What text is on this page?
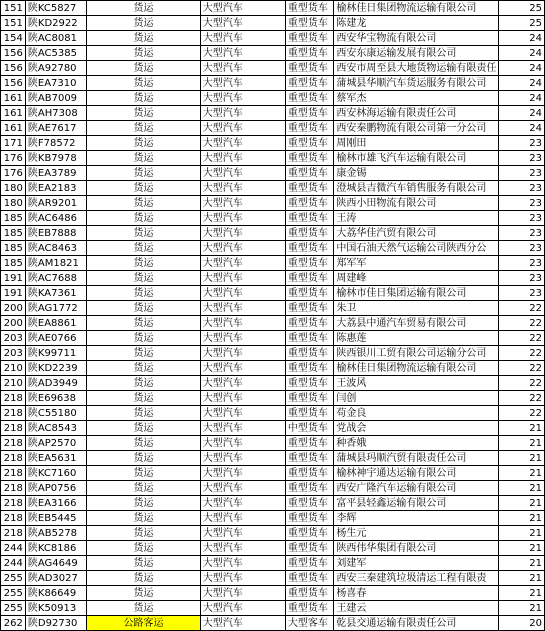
151	陕KC5827	货运	大型汽车	重型货车	榆林佳日集团物流运输有限公司	25
151	陕KD2922	货运	大型汽车	重型货车	陈建龙	25
154	陕AC8081	货运	大型汽车	重型货车	西安华宝物流有限公司	24
156	陕AC5385	货运	大型汽车	重型货车	西安东康运输发展有限公司	24
156	陕A92780	货运	大型汽车	重型货车	西安市周至县大地货物运输有限责任	24
156	陕EA7310	货运	大型汽车	重型货车	蒲城县华顺汽车货运服务有限公司	24
161	陕AB7009	货运	大型汽车	重型货车	蔡军杰	24
161	陕AH7308	货运	大型汽车	重型货车	西安林海运输有限责任公司	24
161	陕AE7617	货运	大型汽车	重型货车	西安秦鹏物流有限公司第一分公司	24
171	陕F78572	货运	大型汽车	重型货车	周刚田	23
176	陕KB7978	货运	大型汽车	重型货车	榆林市雄飞汽车运输有限公司	23
176	陕EA3789	货运	大型汽车	重型货车	康金锡	23
180	陕EA2183	货运	大型汽车	重型货车	澄城县吉微汽车销售服务有限公司	23
180	陕AR9201	货运	大型汽车	重型货车	陕西小田物流有限公司	23
185	陕AC6486	货运	大型汽车	重型货车	王涛	23
185	陕EB7888	货运	大型汽车	重型货车	大荔华佳汽贸有限公司	23
185	陕AC8463	货运	大型汽车	重型货车	中国石油天然气运输公司陕西分公	23
185	陕AM1821	货运	大型汽车	重型货车	郑军军	23
191	陕AC7688	货运	大型汽车	重型货车	周建峰	23
191	陕KA7361	货运	大型汽车	重型货车	榆林市佳日集团运输有限公司	23
200	陕AG1772	货运	大型汽车	重型货车	朱卫	22
200	陕EA8861	货运	大型汽车	重型货车	大荔县中通汽车贸易有限公司	22
203	陕AE0766	货运	大型汽车	重型货车	陈惠莲	22
203	陕K99711	货运	大型汽车	重型货车	陕西银川工贸有限公司运输分公司	22
210	陕KD2239	货运	大型汽车	重型货车	榆林佳日集团物流运输有限公司	22
210	陕AD3949	货运	大型汽车	重型货车	王波风	22
218	陕E69638	货运	大型汽车	重型货车	闫创	22
218	陕C55180	货运	大型汽车	重型货车	苟金良	22
218	陕AC8543	货运	大型汽车	中型货车	党战会	21
218	陕AP2570	货运	大型汽车	重型货车	种香娥	21
218	陕EA5631	货运	大型汽车	重型货车	蒲城县玛顺汽贸有限责任公司	21
218	陕KC7160	货运	大型汽车	重型货车	榆林神宇通达运输有限公司	21
218	陕AP0756	货运	大型汽车	重型货车	西安广隆汽车运输有限公司	21
218	陕EA3166	货运	大型汽车	重型货车	富平县轻鑫运输有限公司	21
218	陕EB5445	货运	大型汽车	重型货车	李辉	21
218	陕AB5278	货运	大型汽车	重型货车	杨生元	21
244	陕KC8186	货运	大型汽车	重型货车	陕西伟华集团有限公司	21
244	陕AG4649	货运	大型汽车	重型货车	刘建军	21
255	陕AD3027	货运	大型汽车	重型货车	西安三秦建筑垃圾清运工程有限责	21
255	陕K86649	货运	大型汽车	重型货车	杨喜春	21
255	陕K50913	货运	大型汽车	重型货车	王建云	21
262	陕D92730	公路客运	大型汽车	大型客车	乾县交通运输有限责任公司	20
